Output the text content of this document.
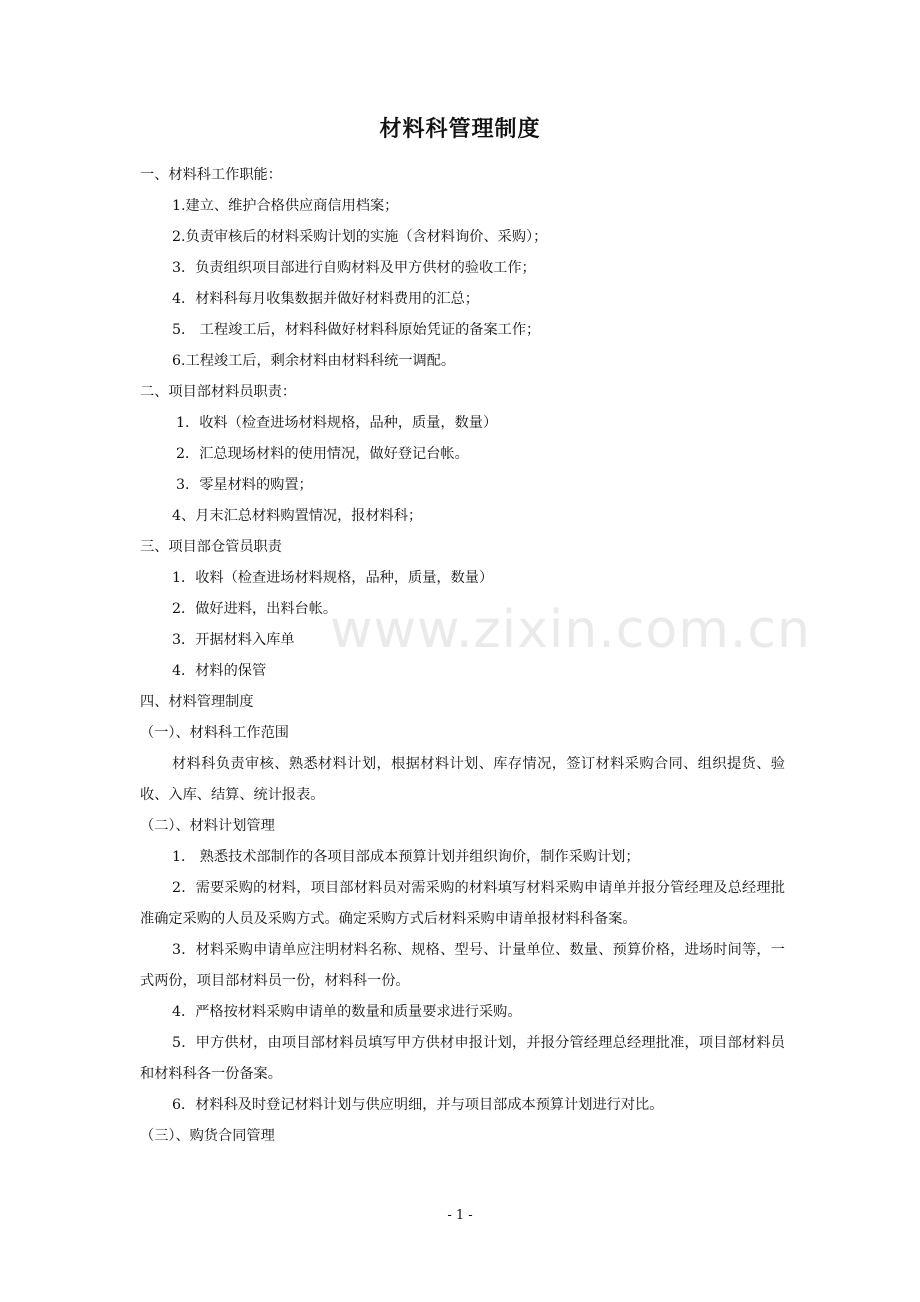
材料科管理制度
www.zixin.com.cn
一、材料科工作职能：
1.建立、维护合格供应商信用档案；
2.负责审核后的材料采购计划的实施（含材料询价、采购）；
3．负责组织项目部进行自购材料及甲方供材的验收工作；
4．材料科每月收集数据并做好材料费用的汇总；
5． 工程竣工后，材料科做好材料科原始凭证的备案工作；
6.工程竣工后，剩余材料由材料科统一调配。
二、项目部材料员职责：
1．收料（检查进场材料规格，品种，质量，数量）
2．汇总现场材料的使用情况，做好登记台帐。
3．零星材料的购置；
4、月末汇总材料购置情况，报材料科；
三、项目部仓管员职责
1．收料（检查进场材料规格，品种，质量，数量）
2．做好进料，出料台帐。
3．开据材料入库单
4．材料的保管
四、材料管理制度
（一）、材料科工作范围
材料科负责审核、熟悉材料计划，根据材料计划、库存情况，签订材料采购合同、组织提货、验收、入库、结算、统计报表。
（二）、材料计划管理
1． 熟悉技术部制作的各项目部成本预算计划并组织询价，制作采购计划；
2．需要采购的材料，项目部材料员对需采购的材料填写材料采购申请单并报分管经理及总经理批准确定采购的人员及采购方式。确定采购方式后材料采购申请单报材料科备案。
3．材料采购申请单应注明材料名称、规格、型号、计量单位、数量、预算价格，进场时间等，一式两份，项目部材料员一份，材料科一份。
4．严格按材料采购申请单的数量和质量要求进行采购。
5．甲方供材，由项目部材料员填写甲方供材申报计划，并报分管经理总经理批准，项目部材料员和材料科各一份备案。
6．材料科及时登记材料计划与供应明细，并与项目部成本预算计划进行对比。
（三）、购货合同管理
- 1 -
